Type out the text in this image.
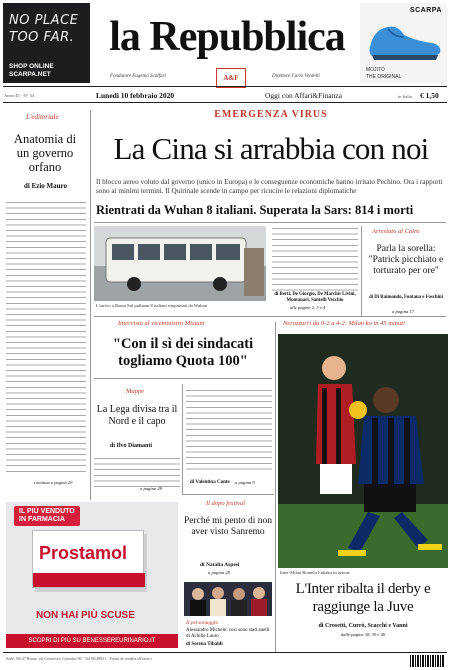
NO PLACE
TOO FAR.
SHOP ONLINE
SCARPA.NET
la Repubblica
Fondatore Eugenio Scalfari	Direttore Carlo Verdelli
A&F
SCARPA
MOJITO
THE ORIGINAL
Anno 45 · N° 34	Lunedì 10 febbraio 2020	Oggi con Affari&Finanza	in Italia € 1,50
L'editoriale
Anatomia di un governo orfano
di Ezio Mauro
continua a pagina 29
IL PIÙ VENDUTO
IN FARMACIA
Prostamol
NON HAI PIÙ SCUSE
SCOPRI DI PIÙ SU BENESSEREURINARIO.IT
EMERGENZA VIRUS
La Cina si arrabbia con noi
Il blocco aereo voluto dal governo (unico in Europa) e le conseguenze economiche hanno irritato Pechino. Ora i rapporti sono ai minimi termini. Il Quirinale scende in campo per ricucire le relazioni diplomatiche
Rientrati da Wuhan 8 italiani. Superata la Sars: 814 i morti
L'arrivo a Roma Sul pullman 8 italiani rimpatriati da Wuhan
di Berti, De Giorgio, De Marchis Livini, Montanari, Santelli Vecchio
alle pagine 2, 3 e 4
Arrestato al Cairo
Parla la sorella: "Patrick picchiato e torturato per ore"
di Di Raimondo, Fontana e Foschini
a pagina 17
Intervista al viceministro Misiani
"Con il sì dei sindacati togliamo Quota 100"
Mappe
La Lega divisa tra il Nord e il capo
di Ilvo Diamanti
a pagina 28
di Valentina Conte a pagina 9
Il dopo festival
Perché mi pento di non aver visto Sanremo
di Natalia Aspesi
a pagina 29
Il personaggio
Alessandro Michele: così sono stati anelli di Achille Lauro
di Serena Tibaldi
Nerazzurri da 0-2 a 4-2: Milan ko in 45 minuti
Inter-Milan Romelu Lukaku in azione
L'Inter ribalta il derby e raggiunge la Juve
di Crosetti, Currò, Scacchi e Vanni
dalle pagine 38, 39 e 40
Sede: 00147 Roma, via Cristoforo Colombo 90 · Tel 06/49821 · Prezzi di vendita all'estero
